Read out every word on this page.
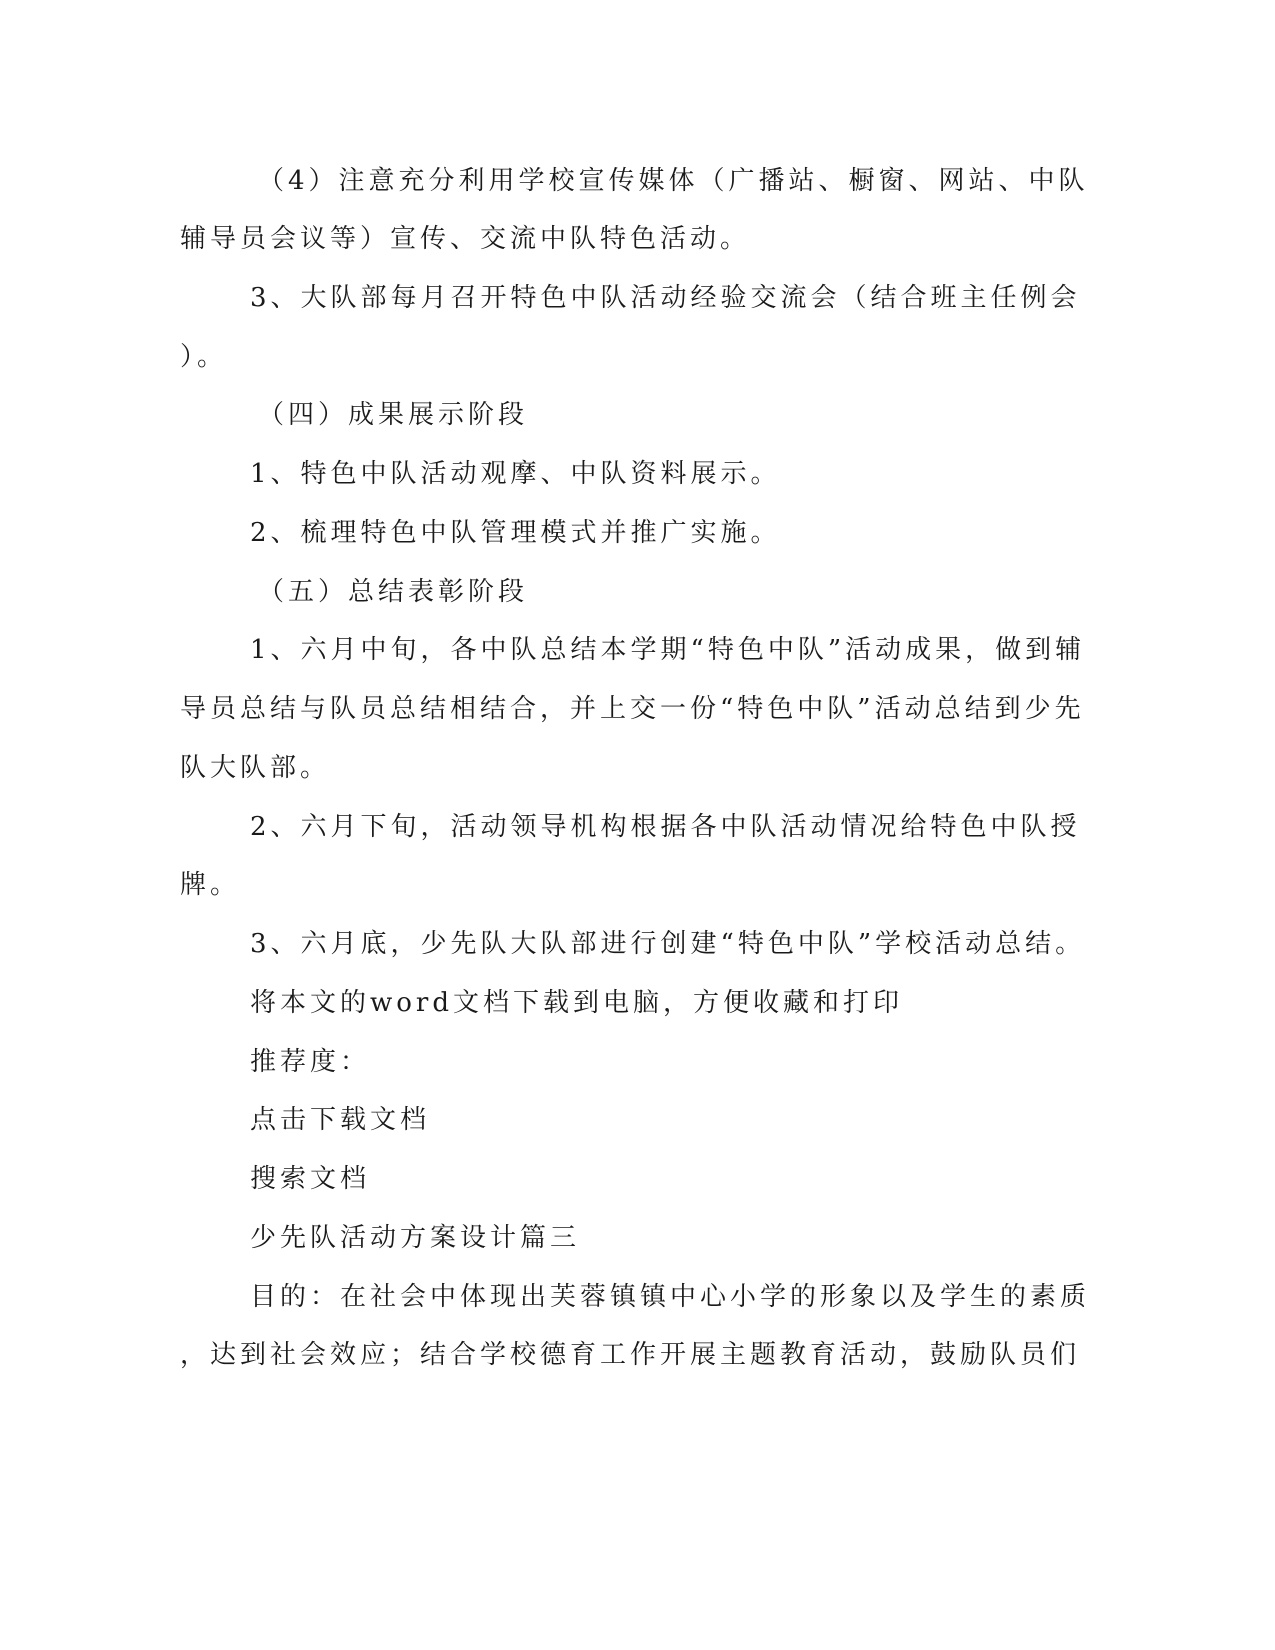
（4）注意充分利用学校宣传媒体（广播站、橱窗、网站、中队
辅导员会议等）宣传、交流中队特色活动。
3、大队部每月召开特色中队活动经验交流会（结合班主任例会
）。
（四）成果展示阶段
1、特色中队活动观摩、中队资料展示。
2、梳理特色中队管理模式并推广实施。
（五）总结表彰阶段
1、六月中旬，各中队总结本学期“特色中队”活动成果，做到辅
导员总结与队员总结相结合，并上交一份“特色中队”活动总结到少先
队大队部。
2、六月下旬，活动领导机构根据各中队活动情况给特色中队授
牌。
3、六月底，少先队大队部进行创建“特色中队”学校活动总结。
将本文的word文档下载到电脑，方便收藏和打印
推荐度：
点击下载文档
搜索文档
少先队活动方案设计篇三
目的：在社会中体现出芙蓉镇镇中心小学的形象以及学生的素质
，达到社会效应；结合学校德育工作开展主题教育活动，鼓励队员们
